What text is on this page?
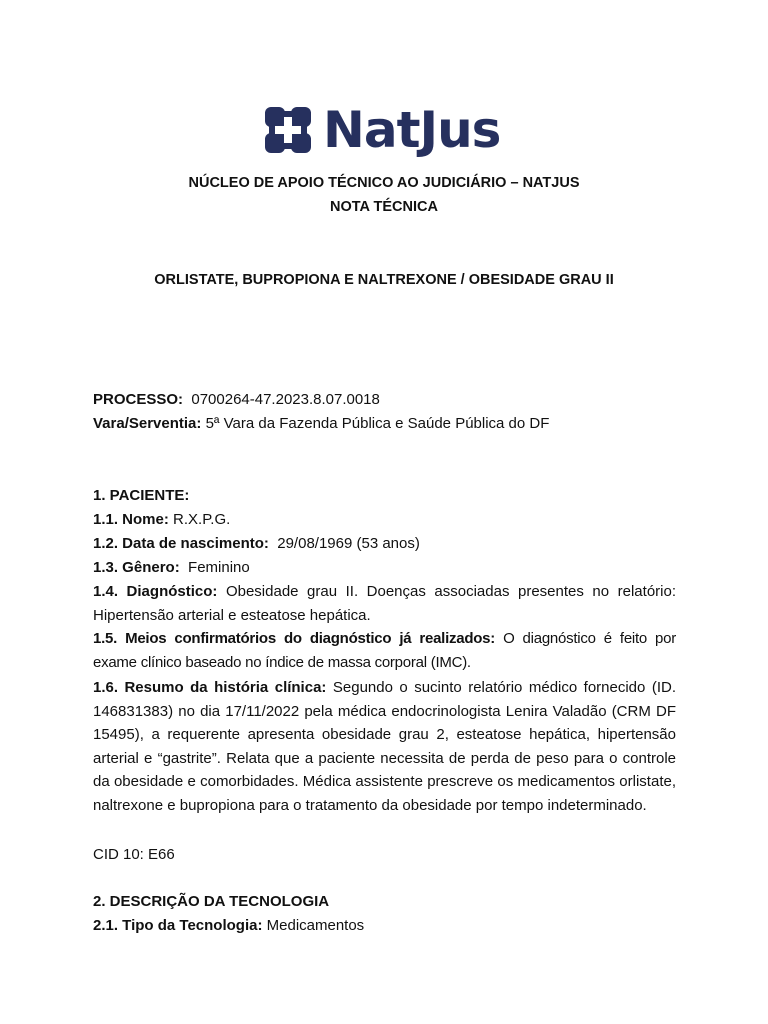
NatJus
NÚCLEO DE APOIO TÉCNICO AO JUDICIÁRIO – NATJUS
NOTA TÉCNICA
ORLISTATE, BUPROPIONA E NALTREXONE / OBESIDADE GRAU II
PROCESSO: 0700264-47.2023.8.07.0018
Vara/Serventia: 5ª Vara da Fazenda Pública e Saúde Pública do DF
1. PACIENTE:
1.1. Nome: R.X.P.G.
1.2. Data de nascimento: 29/08/1969 (53 anos)
1.3. Gênero: Feminino
1.4. Diagnóstico: Obesidade grau II. Doenças associadas presentes no relatório: Hipertensão arterial e esteatose hepática.
1.5. Meios confirmatórios do diagnóstico já realizados: O diagnóstico é feito por exame clínico baseado no índice de massa corporal (IMC).
1.6. Resumo da história clínica: Segundo o sucinto relatório médico fornecido (ID. 146831383) no dia 17/11/2022 pela médica endocrinologista Lenira Valadão (CRM DF 15495), a requerente apresenta obesidade grau 2, esteatose hepática, hipertensão arterial e “gastrite”. Relata que a paciente necessita de perda de peso para o controle da obesidade e comorbidades. Médica assistente prescreve os medicamentos orlistate, naltrexone e bupropiona para o tratamento da obesidade por tempo indeterminado.
CID 10: E66
2. DESCRIÇÃO DA TECNOLOGIA
2.1. Tipo da Tecnologia: Medicamentos
